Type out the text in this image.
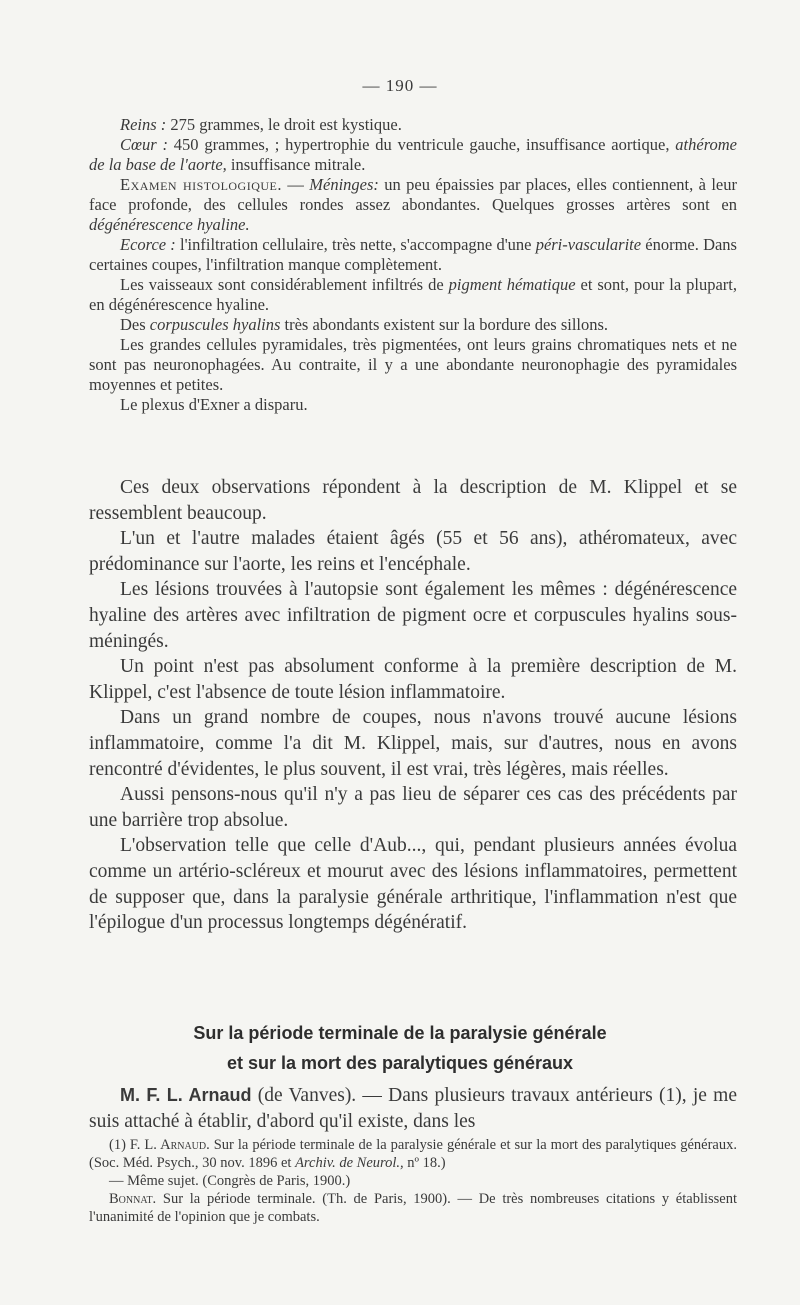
— 190 —

Reins : 275 grammes, le droit est kystique.

Cœur : 450 grammes, ; hypertrophie du ventricule gauche, insuffisance aortique, athérome de la base de l'aorte, insuffisance mitrale.

Examen histologique. — Méninges: un peu épaissies par places, elles contiennent, à leur face profonde, des cellules rondes assez abondantes. Quelques grosses artères sont en dégénérescence hyaline.

Ecorce : l'infiltration cellulaire, très nette, s'accompagne d'une péri-vascularite énorme. Dans certaines coupes, l'infiltration manque complètement.

Les vaisseaux sont considérablement infiltrés de pigment hématique et sont, pour la plupart, en dégénérescence hyaline.

Des corpuscules hyalins très abondants existent sur la bordure des sillons.

Les grandes cellules pyramidales, très pigmentées, ont leurs grains chromatiques nets et ne sont pas neuronophagées. Au contraite, il y a une abondante neuronophagie des pyramidales moyennes et petites.

Le plexus d'Exner a disparu.

Ces deux observations répondent à la description de M. Klippel et se ressemblent beaucoup.

L'un et l'autre malades étaient âgés (55 et 56 ans), athéromateux, avec prédominance sur l'aorte, les reins et l'encéphale.

Les lésions trouvées à l'autopsie sont également les mêmes : dégénérescence hyaline des artères avec infiltration de pigment ocre et corpuscules hyalins sous-méningés.

Un point n'est pas absolument conforme à la première description de M. Klippel, c'est l'absence de toute lésion inflammatoire.

Dans un grand nombre de coupes, nous n'avons trouvé aucune lésions inflammatoire, comme l'a dit M. Klippel, mais, sur d'autres, nous en avons rencontré d'évidentes, le plus souvent, il est vrai, très légères, mais réelles.

Aussi pensons-nous qu'il n'y a pas lieu de séparer ces cas des précédents par une barrière trop absolue.

L'observation telle que celle d'Aub..., qui, pendant plusieurs années évolua comme un artério-scléreux et mourut avec des lésions inflammatoires, permettent de supposer que, dans la paralysie générale arthritique, l'inflammation n'est que l'épilogue d'un processus longtemps dégénératif.

Sur la période terminale de la paralysie générale
et sur la mort des paralytiques généraux

M. F. L. Arnaud (de Vanves). — Dans plusieurs travaux antérieurs (1), je me suis attaché à établir, d'abord qu'il existe, dans les

(1) F. L. Arnaud. Sur la période terminale de la paralysie générale et sur la mort des paralytiques généraux. (Soc. Méd. Psych., 30 nov. 1896 et Archiv. de Neurol., nº 18.)

— Même sujet. (Congrès de Paris, 1900.)

Bonnat. Sur la période terminale. (Th. de Paris, 1900). — De très nombreuses citations y établissent l'unanimité de l'opinion que je combats.
